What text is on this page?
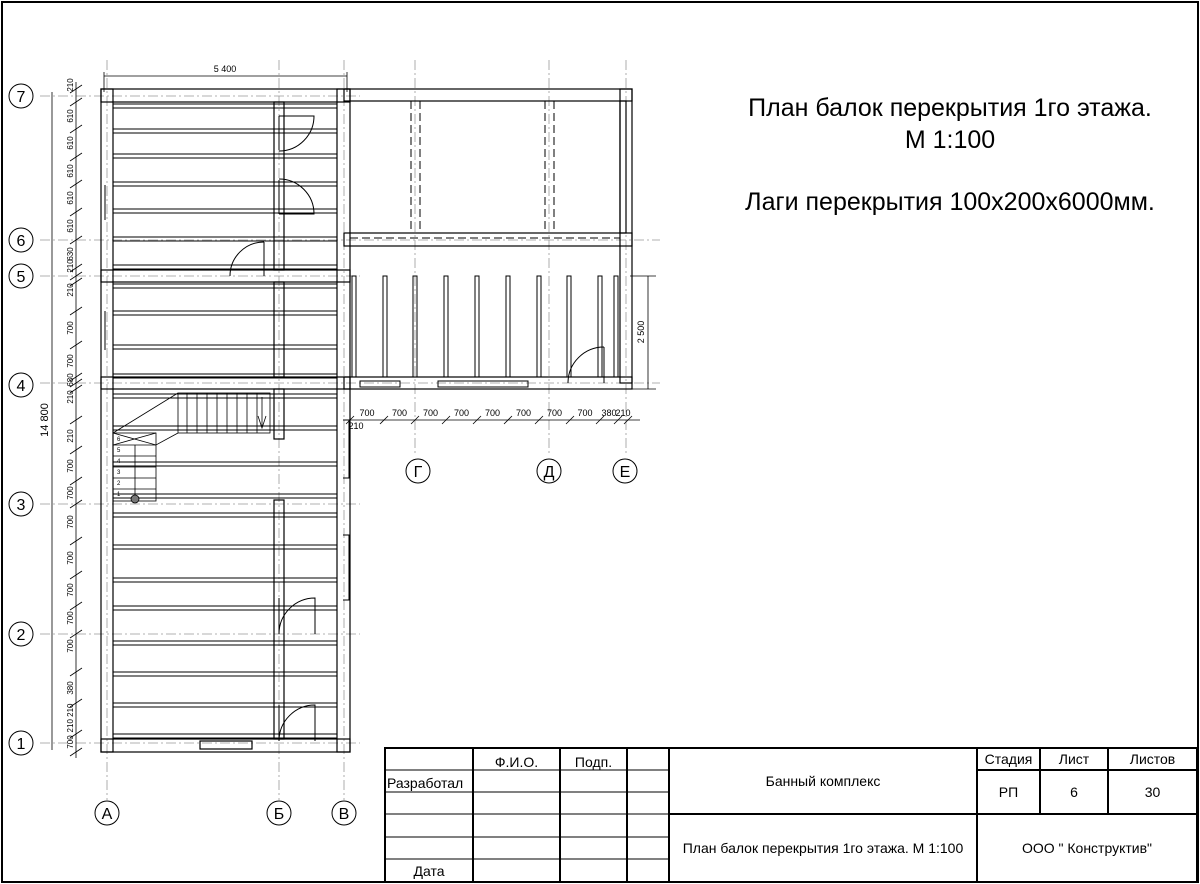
1
2
3
4
5
6
5 400
14 800
2 500
210
210
610
610
610
610
610
630
210
210
700
700
680
210
210
700
700
700
700
700
700
700
380
210 210
700
700 700 700 700 700 700 700 700 380
210
7
6
5
4
3
2
1
А	Б	В
Г	Д	Е
План балок перекрытия 1го этажа.
М 1:100
Лаги перекрытия 100х200х6000мм.
Ф.И.О.	Подп.
Разработал
Дата
Банный комплекс
План балок перекрытия 1го этажа. М 1:100
Стадия	Лист	Листов
РП	6	30
ООО " Конструктив"
